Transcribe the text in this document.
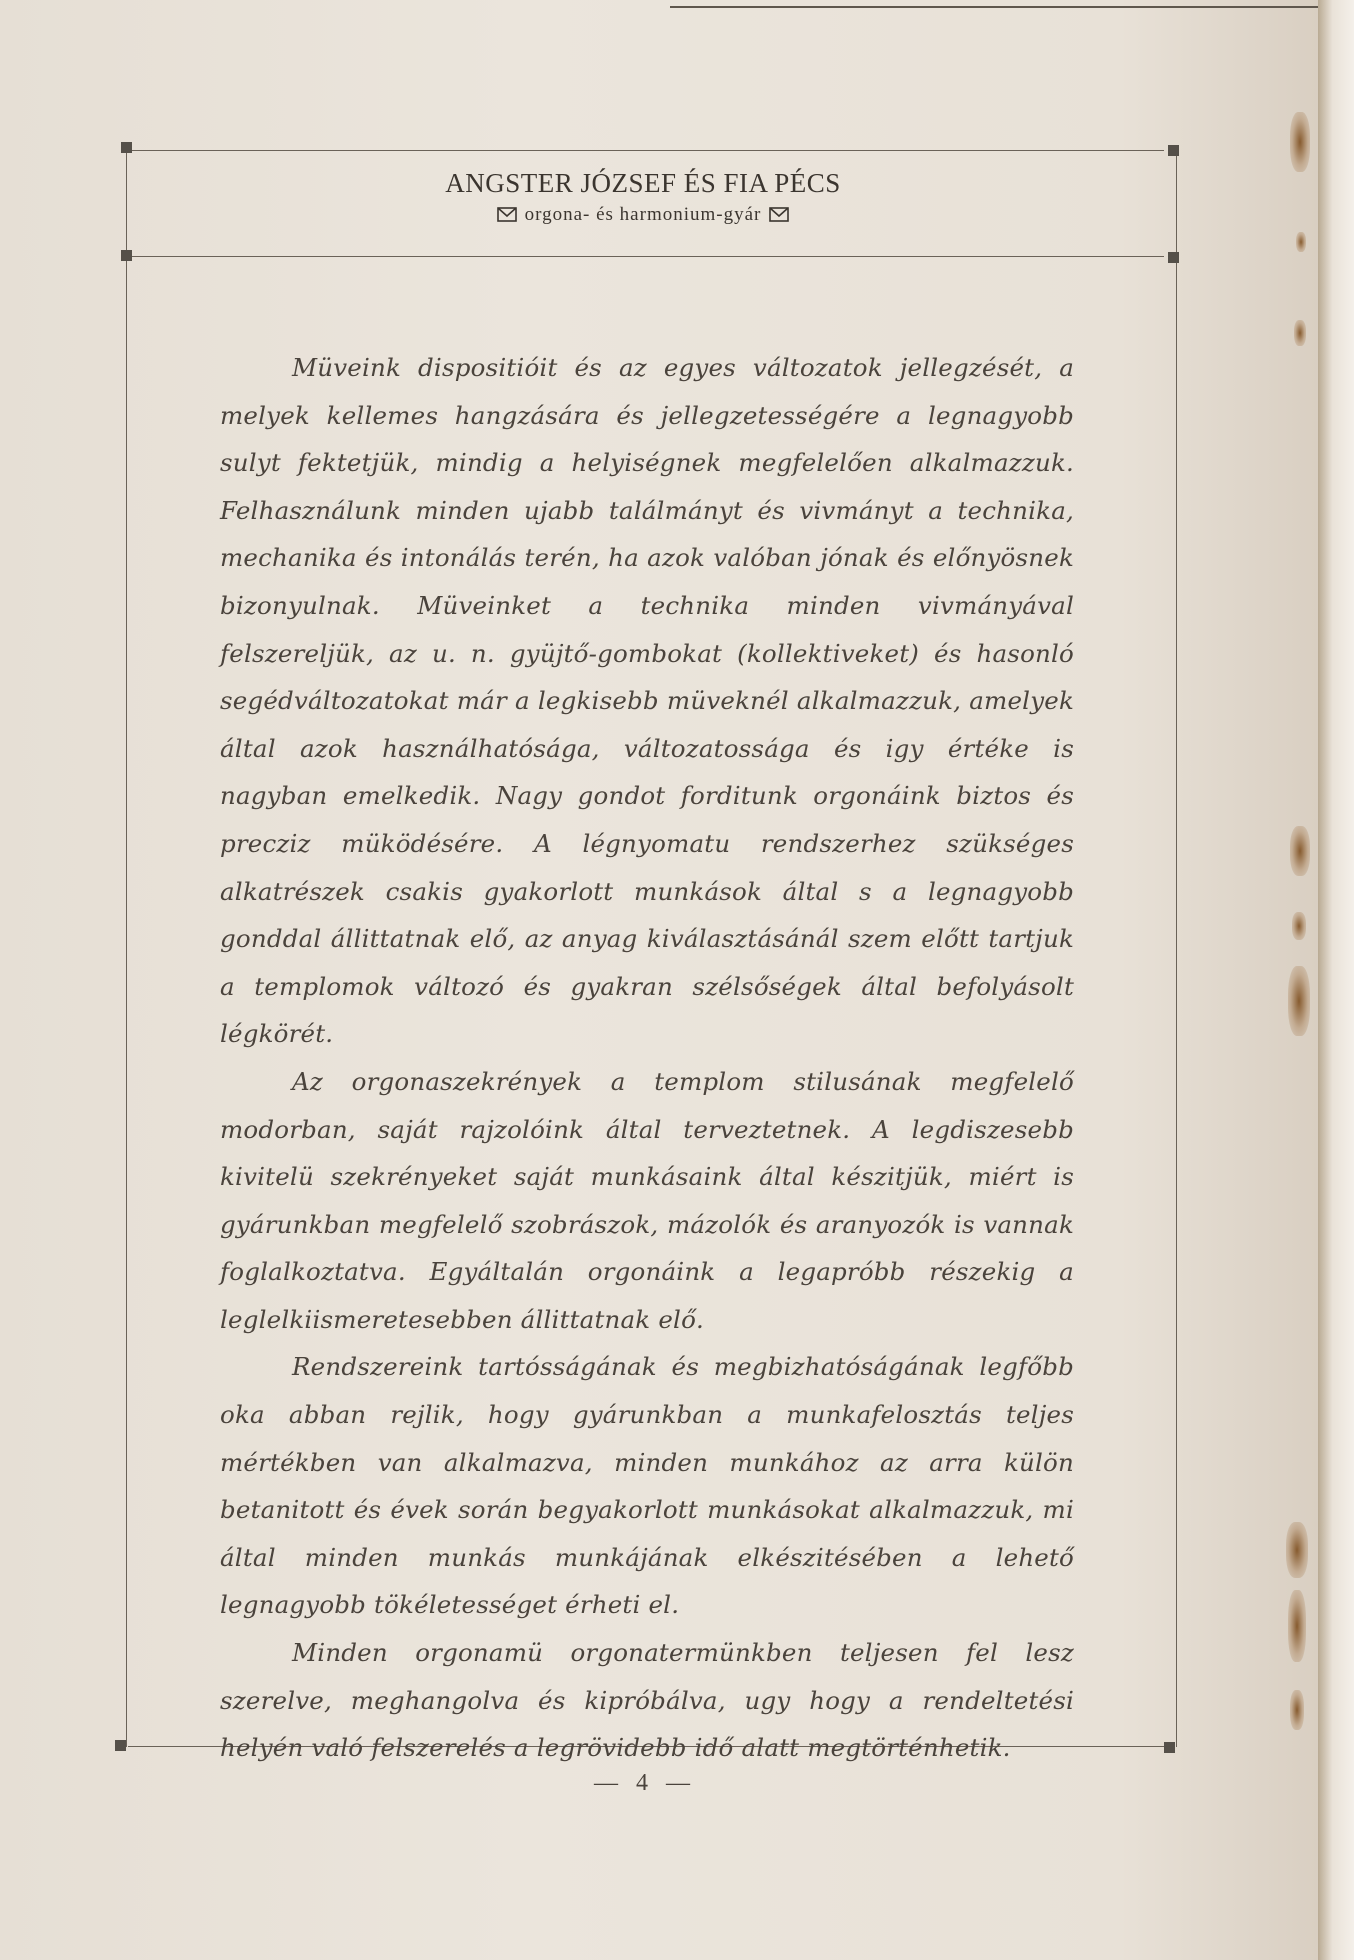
ANGSTER JÓZSEF ÉS FIA PÉCS
orgona- és harmonium-gyár

Müveink dispositióit és az egyes változatok jellegzését, a melyek kellemes hangzására és jellegzetességére a legnagyobb sulyt fektetjük, mindig a helyiségnek megfelelően alkalmazzuk. Felhasználunk minden ujabb találmányt és vivmányt a technika, mechanika és intonálás terén, ha azok valóban jónak és előnyösnek bizonyulnak. Müveinket a technika minden vivmányával felszereljük, az u. n. gyüjtő-gombokat (kollektiveket) és hasonló segédváltozatokat már a legkisebb müveknél alkalmazzuk, amelyek által azok használhatósága, változatossága és igy értéke is nagyban emelkedik. Nagy gondot forditunk orgonáink biztos és precziz müködésére. A légnyomatu rendszerhez szükséges alkatrészek csakis gyakorlott munkások által s a legnagyobb gonddal állittatnak elő, az anyag kiválasztásánál szem előtt tartjuk a templomok változó és gyakran szélsőségek által befolyásolt légkörét.

Az orgonaszekrények a templom stilusának megfelelő modorban, saját rajzolóink által terveztetnek. A legdiszesebb kivitelü szekrényeket saját munkásaink által készitjük, miért is gyárunkban megfelelő szobrászok, mázolók és aranyozók is vannak foglalkoztatva. Egyáltalán orgonáink a legapróbb részekig a leglelkiismeretesebben állittatnak elő.

Rendszereink tartósságának és megbizhatóságának legfőbb oka abban rejlik, hogy gyárunkban a munkafelosztás teljes mértékben van alkalmazva, minden munkához az arra külön betanitott és évek során begyakorlott munkásokat alkalmazzuk, mi által minden munkás munkájának elkészitésében a lehető legnagyobb tökéletességet érheti el.

Minden orgonamü orgonatermünkben teljesen fel lesz szerelve, meghangolva és kipróbálva, ugy hogy a rendeltetési helyén való felszerelés a legrövidebb idő alatt megtörténhetik.

— 4 —
